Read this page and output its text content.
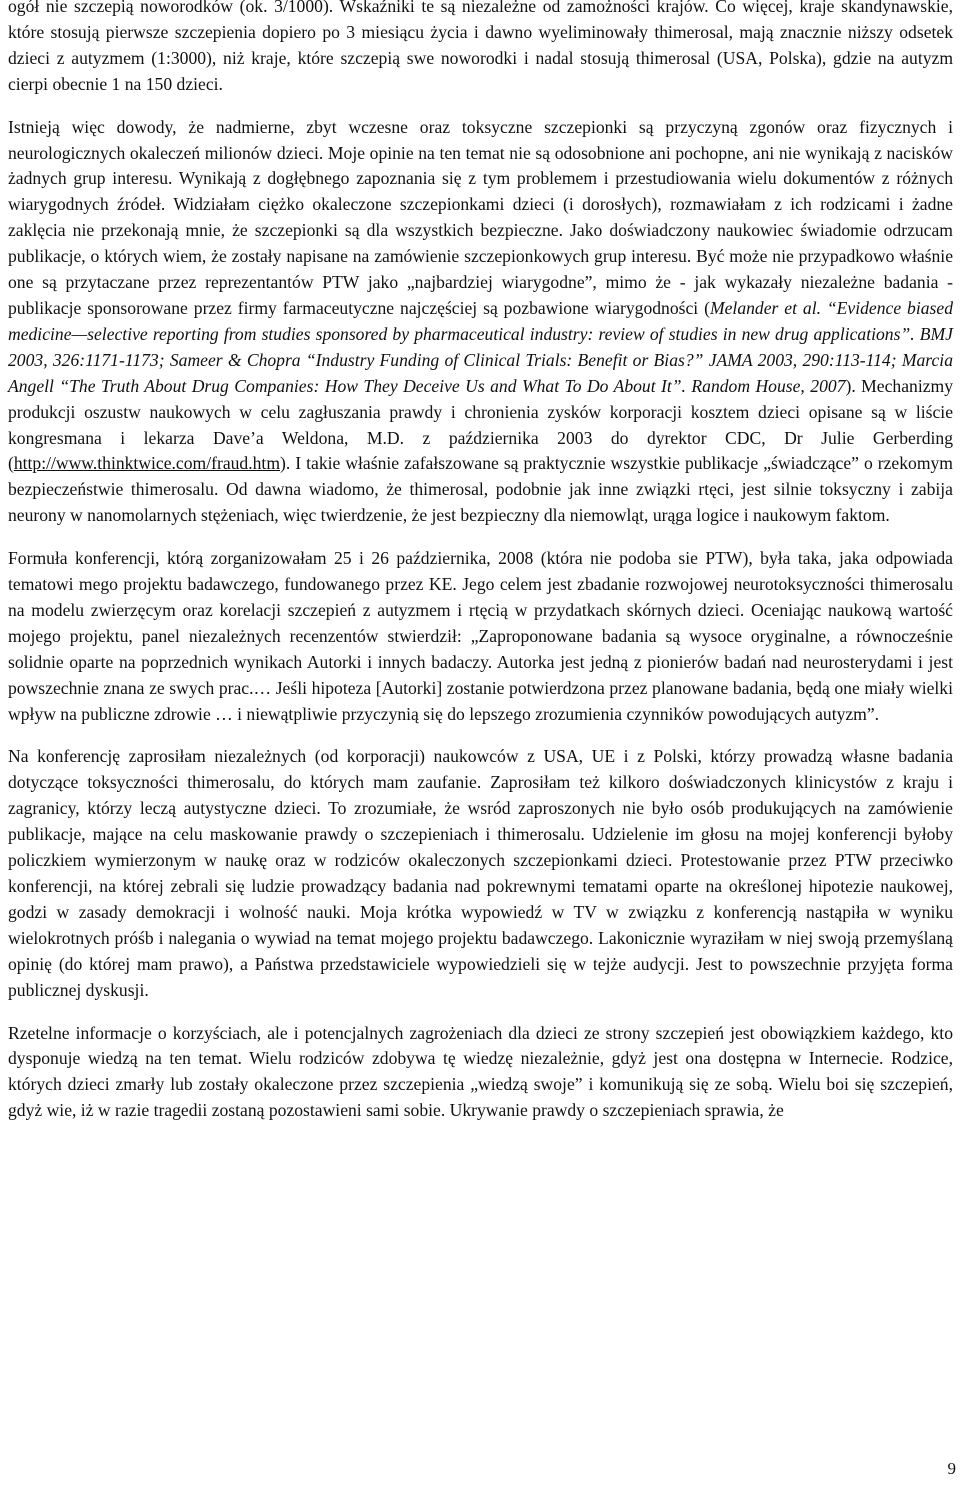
ogół nie szczepią noworodków (ok. 3/1000). Wskaźniki te są niezależne od zamożności krajów. Co więcej, kraje skandynawskie, które stosują pierwsze szczepienia dopiero po 3 miesiącu życia i dawno wyeliminowały thimerosal, mają znacznie niższy odsetek dzieci z autyzmem (1:3000), niż kraje, które szczepią swe noworodki i nadal stosują thimerosal (USA, Polska), gdzie na autyzm cierpi obecnie 1 na 150 dzieci.

Istnieją więc dowody, że nadmierne, zbyt wczesne oraz toksyczne szczepionki są przyczyną zgonów oraz fizycznych i neurologicznych okaleczeń milionów dzieci. Moje opinie na ten temat nie są odosobnione ani pochopne, ani nie wynikają z nacisków żadnych grup interesu. Wynikają z dogłębnego zapoznania się z tym problemem i przestudiowania wielu dokumentów z różnych wiarygodnych źródeł. Widziałam ciężko okaleczone szczepionkami dzieci (i dorosłych), rozmawiałam z ich rodzicami i żadne zaklęcia nie przekonają mnie, że szczepionki są dla wszystkich bezpieczne. Jako doświadczony naukowiec świadomie odrzucam publikacje, o których wiem, że zostały napisane na zamówienie szczepionkowych grup interesu. Być może nie przypadkowo właśnie one są przytaczane przez reprezentantów PTW jako „najbardziej wiarygodne”, mimo że - jak wykazały niezależne badania - publikacje sponsorowane przez firmy farmaceutyczne najczęściej są pozbawione wiarygodności (Melander et al. “Evidence biased medicine—selective reporting from studies sponsored by pharmaceutical industry: review of studies in new drug applications”. BMJ 2003, 326:1171-1173; Sameer & Chopra “Industry Funding of Clinical Trials: Benefit or Bias?” JAMA 2003, 290:113-114; Marcia Angell “The Truth About Drug Companies: How They Deceive Us and What To Do About It”. Random House, 2007). Mechanizmy produkcji oszustw naukowych w celu zagłuszania prawdy i chronienia zysków korporacji kosztem dzieci opisane są w liście kongresmana i lekarza Dave’a Weldona, M.D. z października 2003 do dyrektor CDC, Dr Julie Gerberding (http://www.thinktwice.com/fraud.htm). I takie właśnie zafałszowane są praktycznie wszystkie publikacje „świadczące” o rzekomym bezpieczeństwie thimerosalu. Od dawna wiadomo, że thimerosal, podobnie jak inne związki rtęci, jest silnie toksyczny i zabija neurony w nanomolarnych stężeniach, więc twierdzenie, że jest bezpieczny dla niemowląt, urąga logice i naukowym faktom.

Formuła konferencji, którą zorganizowałam 25 i 26 października, 2008 (która nie podoba sie PTW), była taka, jaka odpowiada tematowi mego projektu badawczego, fundowanego przez KE. Jego celem jest zbadanie rozwojowej neurotoksyczności thimerosalu na modelu zwierzęcym oraz korelacji szczepień z autyzmem i rtęcią w przydatkach skórnych dzieci. Oceniając naukową wartość mojego projektu, panel niezależnych recenzentów stwierdził: „Zaproponowane badania są wysoce oryginalne, a równocześnie solidnie oparte na poprzednich wynikach Autorki i innych badaczy. Autorka jest jedną z pionierów badań nad neurosterydami i jest powszechnie znana ze swych prac.… Jeśli hipoteza [Autorki] zostanie potwierdzona przez planowane badania, będą one miały wielki wpływ na publiczne zdrowie … i niewątpliwie przyczynią się do lepszego zrozumienia czynników powodujących autyzm”.

Na konferencję zaprosiłam niezależnych (od korporacji) naukowców z USA, UE i z Polski, którzy prowadzą własne badania dotyczące toksyczności thimerosalu, do których mam zaufanie. Zaprosiłam też kilkoro doświadczonych klinicystów z kraju i zagranicy, którzy leczą autystyczne dzieci. To zrozumiałe, że wsród zaproszonych nie było osób produkujących na zamówienie publikacje, mające na celu maskowanie prawdy o szczepieniach i thimerosalu. Udzielenie im głosu na mojej konferencji byłoby policzkiem wymierzonym w naukę oraz w rodziców okaleczonych szczepionkami dzieci. Protestowanie przez PTW przeciwko konferencji, na której zebrali się ludzie prowadzący badania nad pokrewnymi tematami oparte na określonej hipotezie naukowej, godzi w zasady demokracji i wolność nauki. Moja krótka wypowiedź w TV w związku z konferencją nastąpiła w wyniku wielokrotnych próśb i nalegania o wywiad na temat mojego projektu badawczego. Lakonicznie wyraziłam w niej swoją przemyślaną opinię (do której mam prawo), a Państwa przedstawiciele wypowiedzieli się w tejże audycji. Jest to powszechnie przyjęta forma publicznej dyskusji.

Rzetelne informacje o korzyściach, ale i potencjalnych zagrożeniach dla dzieci ze strony szczepień jest obowiązkiem każdego, kto dysponuje wiedzą na ten temat. Wielu rodziców zdobywa tę wiedzę niezależnie, gdyż jest ona dostępna w Internecie. Rodzice, których dzieci zmarły lub zostały okaleczone przez szczepienia „wiedzą swoje” i komunikują się ze sobą. Wielu boi się szczepień, gdyż wie, iż w razie tragedii zostaną pozostawieni sami sobie. Ukrywanie prawdy o szczepieniach sprawia, że

9
